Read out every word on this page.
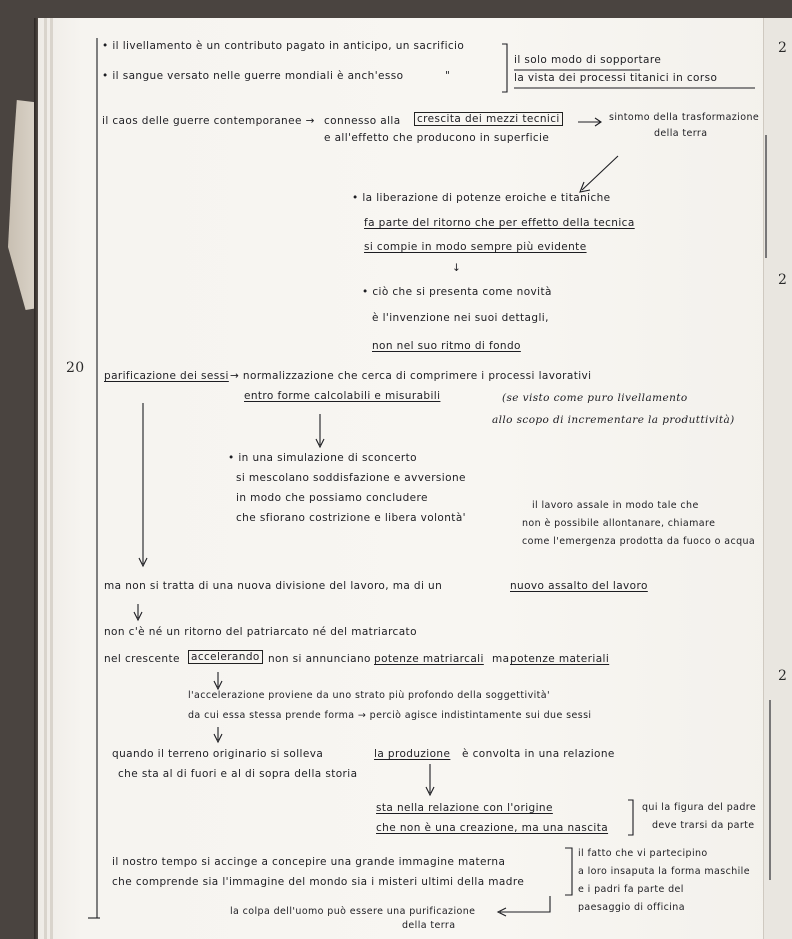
20
2
2
2
• il livellamento è un contributo pagato in anticipo, un sacrificio
• il sangue versato nelle guerre mondiali è anch'esso	"
il solo modo di sopportare
la vista dei processi titanici in corso
il caos delle guerre contemporanee → connesso alla crescita dei mezzi tecnici
e all'effetto che producono in superficie
sintomo della trasformazione
della terra
• la liberazione di potenze eroiche e titaniche
fa parte del ritorno che per effetto della tecnica
si compie in modo sempre più evidente
↓
• ciò che si presenta come novità
è l'invenzione nei suoi dettagli,
non nel suo ritmo di fondo
parificazione dei sessi → normalizzazione che cerca di comprimere i processi lavorativi
entro forme calcolabili e misurabili	(se visto come puro livellamento
allo scopo di incrementare la produttività)
• in una simulazione di sconcerto
si mescolano soddisfazione e avversione
in modo che possiamo concludere
che sfiorano costrizione e libera volontà'
il lavoro assale in modo tale che
non è possibile allontanare, chiamare
come l'emergenza prodotta da fuoco o acqua
ma non si tratta di una nuova divisione del lavoro, ma di un	nuovo assalto del lavoro
non c'è né un ritorno del patriarcato né del matriarcato
nel crescente accelerando non si annunciano potenze matriarcali ma potenze materiali
l'accelerazione proviene da uno strato più profondo della soggettività'
da cui essa stessa prende forma → perciò agisce indistintamente sui due sessi
quando il terreno originario si solleva	la produzione è convolta in una relazione
che sta al di fuori e al di sopra della storia
sta nella relazione con l'origine
che non è una creazione, ma una nascita
qui la figura del padre
deve trarsi da parte
il nostro tempo si accinge a concepire una grande immagine materna
che comprende sia l'immagine del mondo sia i misteri ultimi della madre
il fatto che vi partecipino
a loro insaputa la forma maschile
e i padri fa parte del
paesaggio di officina
la colpa dell'uomo può essere una purificazione
della terra
